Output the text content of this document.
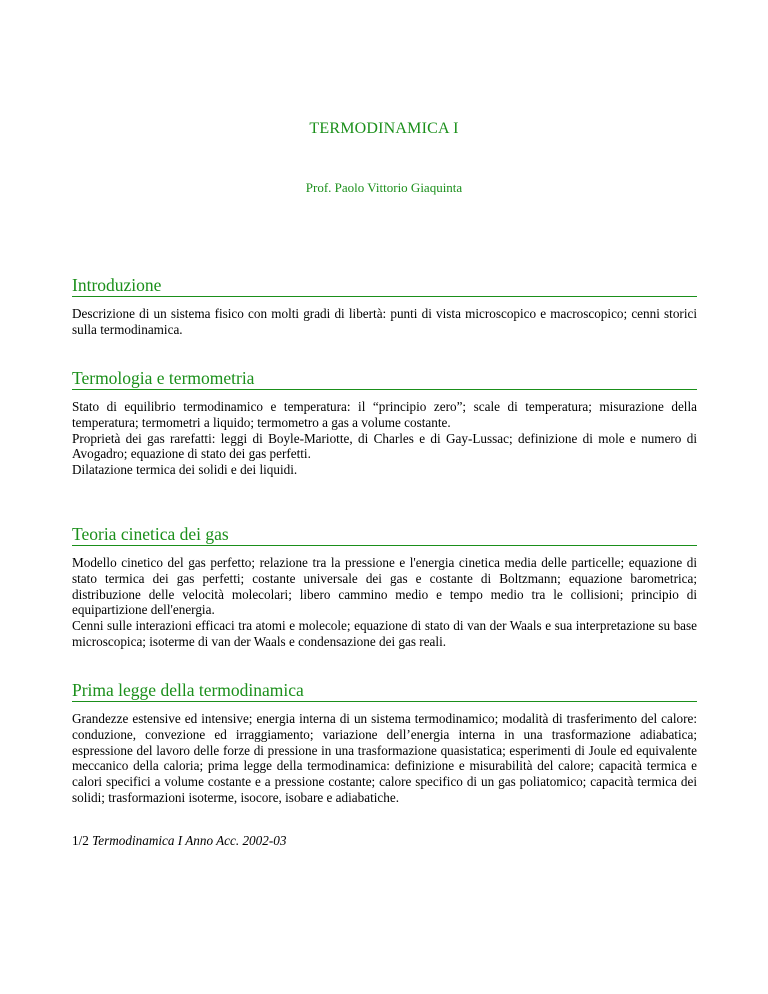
TERMODINAMICA I
Prof. Paolo Vittorio Giaquinta
Introduzione

Descrizione di un sistema fisico con molti gradi di libertà: punti di vista microscopico e macroscopico; cenni storici sulla termodinamica.

Termologia e termometria

Stato di equilibrio termodinamico e temperatura: il “principio zero”; scale di temperatura; misurazione della temperatura; termometri a liquido; termometro a gas a volume costante.

Proprietà dei gas rarefatti: leggi di Boyle-Mariotte, di Charles e di Gay-Lussac; definizione di mole e numero di Avogadro; equazione di stato dei gas perfetti.

Dilatazione termica dei solidi e dei liquidi.

Teoria cinetica dei gas

Modello cinetico del gas perfetto; relazione tra la pressione e l'energia cinetica media delle particelle; equazione di stato termica dei gas perfetti; costante universale dei gas e costante di Boltzmann; equazione barometrica; distribuzione delle velocità molecolari; libero cammino medio e tempo medio tra le collisioni; principio di equipartizione dell'energia.

Cenni sulle interazioni efficaci tra atomi e molecole; equazione di stato di van der Waals e sua interpretazione su base microscopica; isoterme di van der Waals e condensazione dei gas reali.

Prima legge della termodinamica

Grandezze estensive ed intensive; energia interna di un sistema termodinamico; modalità di trasferimento del calore: conduzione, convezione ed irraggiamento; variazione dell’energia interna in una trasformazione adiabatica; espressione del lavoro delle forze di pressione in una trasformazione quasistatica; esperimenti di Joule ed equivalente meccanico della caloria; prima legge della termodinamica: definizione e misurabilità del calore; capacità termica e calori specifici a volume costante e a pressione costante; calore specifico di un gas poliatomico; capacità termica dei solidi; trasformazioni isoterme, isocore, isobare e adiabatiche.

1/2 Termodinamica I Anno Acc. 2002-03
